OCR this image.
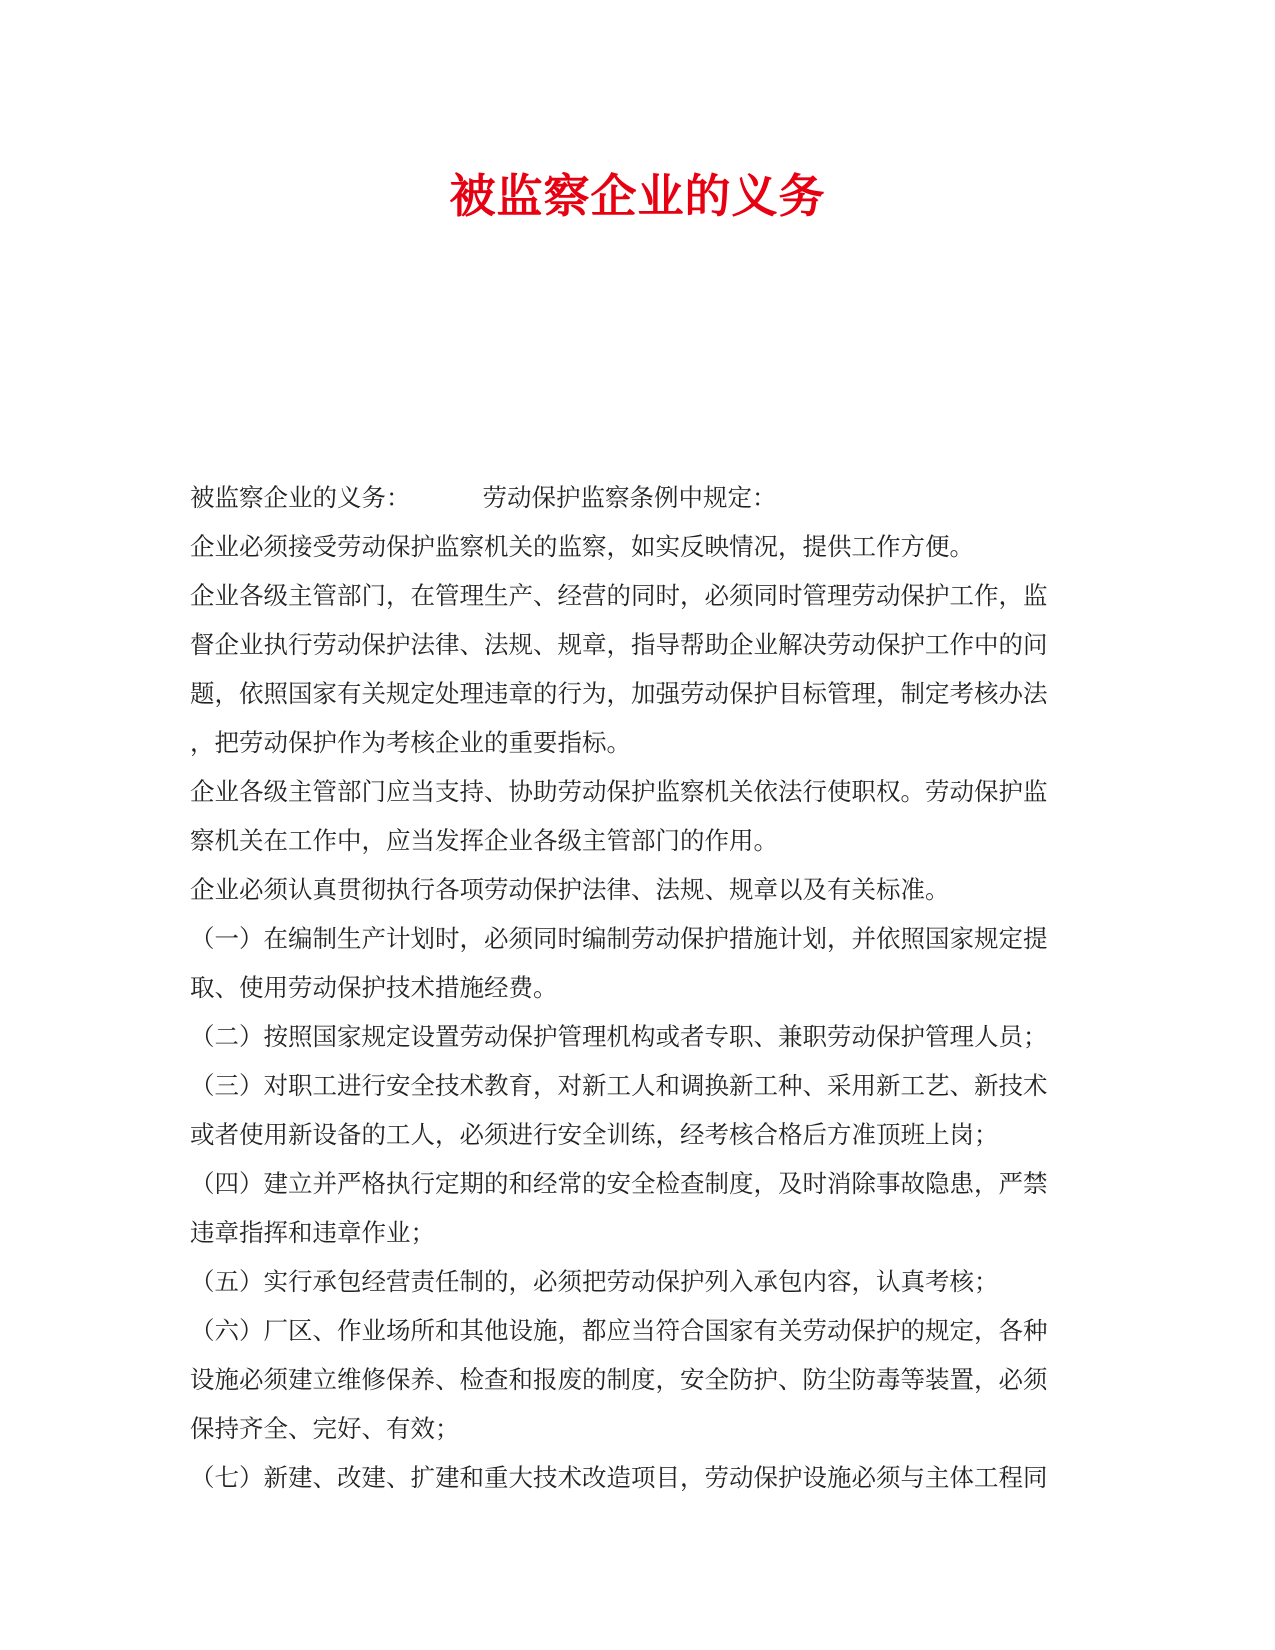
被监察企业的义务
被监察企业的义务：	劳动保护监察条例中规定：
企业必须接受劳动保护监察机关的监察，如实反映情况，提供工作方便。
企业各级主管部门，在管理生产、经营的同时，必须同时管理劳动保护工作，监
督企业执行劳动保护法律、法规、规章，指导帮助企业解决劳动保护工作中的问
题，依照国家有关规定处理违章的行为，加强劳动保护目标管理，制定考核办法
，把劳动保护作为考核企业的重要指标。
企业各级主管部门应当支持、协助劳动保护监察机关依法行使职权。劳动保护监
察机关在工作中，应当发挥企业各级主管部门的作用。
企业必须认真贯彻执行各项劳动保护法律、法规、规章以及有关标准。
（一）在编制生产计划时，必须同时编制劳动保护措施计划，并依照国家规定提
取、使用劳动保护技术措施经费。
（二）按照国家规定设置劳动保护管理机构或者专职、兼职劳动保护管理人员；
（三）对职工进行安全技术教育，对新工人和调换新工种、采用新工艺、新技术
或者使用新设备的工人，必须进行安全训练，经考核合格后方准顶班上岗；
（四）建立并严格执行定期的和经常的安全检查制度，及时消除事故隐患，严禁
违章指挥和违章作业；
（五）实行承包经营责任制的，必须把劳动保护列入承包内容，认真考核；
（六）厂区、作业场所和其他设施，都应当符合国家有关劳动保护的规定，各种
设施必须建立维修保养、检查和报废的制度，安全防护、防尘防毒等装置，必须
保持齐全、完好、有效；
（七）新建、改建、扩建和重大技术改造项目，劳动保护设施必须与主体工程同
